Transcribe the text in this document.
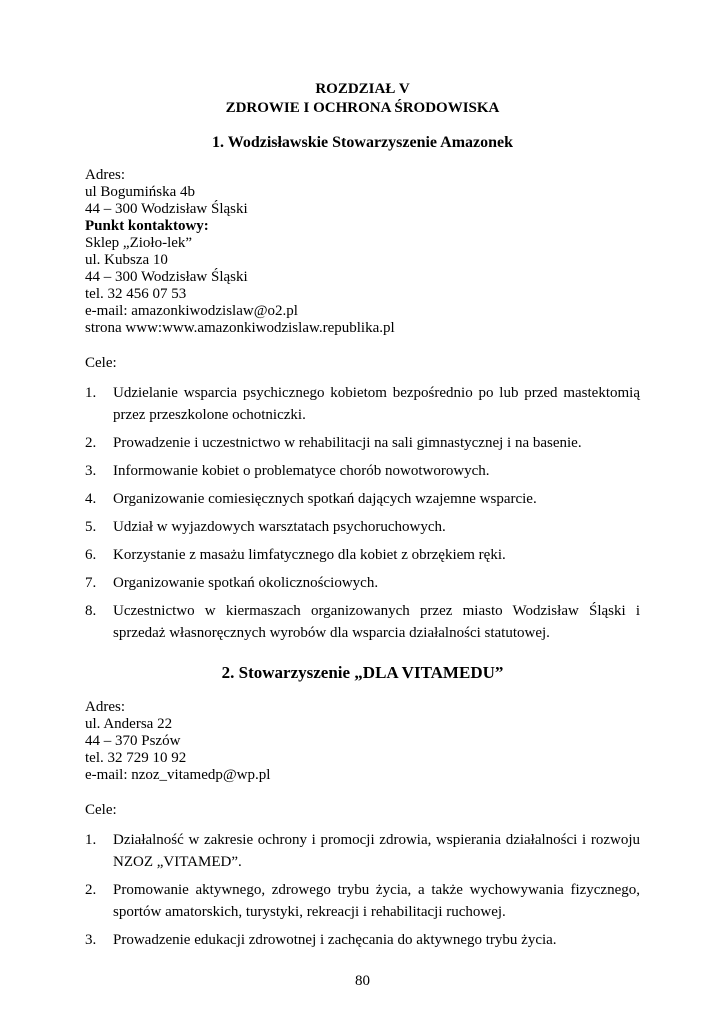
ROZDZIAŁ V
ZDROWIE I OCHRONA ŚRODOWISKA
1. Wodzisławskie Stowarzyszenie Amazonek
Adres:
ul Bogumińska 4b
44 – 300 Wodzisław Śląski
Punkt kontaktowy:
Sklep „Zioło-lek”
ul. Kubsza 10
44 – 300 Wodzisław Śląski
tel. 32 456 07 53
e-mail: amazonkiwodzislaw@o2.pl
strona www:www.amazonkiwodzislaw.republika.pl
Cele:
1.	Udzielanie wsparcia psychicznego kobietom bezpośrednio po lub przed mastektomią przez przeszkolone ochotniczki.
2.	Prowadzenie i uczestnictwo w rehabilitacji na sali gimnastycznej i na basenie.
3.	Informowanie kobiet o problematyce chorób nowotworowych.
4.	Organizowanie comiesięcznych spotkań dających wzajemne wsparcie.
5.	Udział w wyjazdowych warsztatach psychoruchowych.
6.	Korzystanie z masażu limfatycznego dla kobiet z obrzękiem ręki.
7.	Organizowanie spotkań okolicznościowych.
8.	Uczestnictwo w kiermaszach organizowanych przez miasto Wodzisław Śląski i sprzedaż własnoręcznych wyrobów dla wsparcia działalności statutowej.
2. Stowarzyszenie „DLA VITAMEDU”
Adres:
ul. Andersa 22
44 – 370 Pszów
tel. 32 729 10 92
e-mail: nzoz_vitamedp@wp.pl
Cele:
1.	Działalność w zakresie ochrony i promocji zdrowia, wspierania działalności i rozwoju NZOZ „VITAMED”.
2.	Promowanie aktywnego, zdrowego trybu życia, a także wychowywania fizycznego, sportów amatorskich, turystyki, rekreacji i rehabilitacji ruchowej.
3.	Prowadzenie edukacji zdrowotnej i zachęcania do aktywnego trybu życia.
80
